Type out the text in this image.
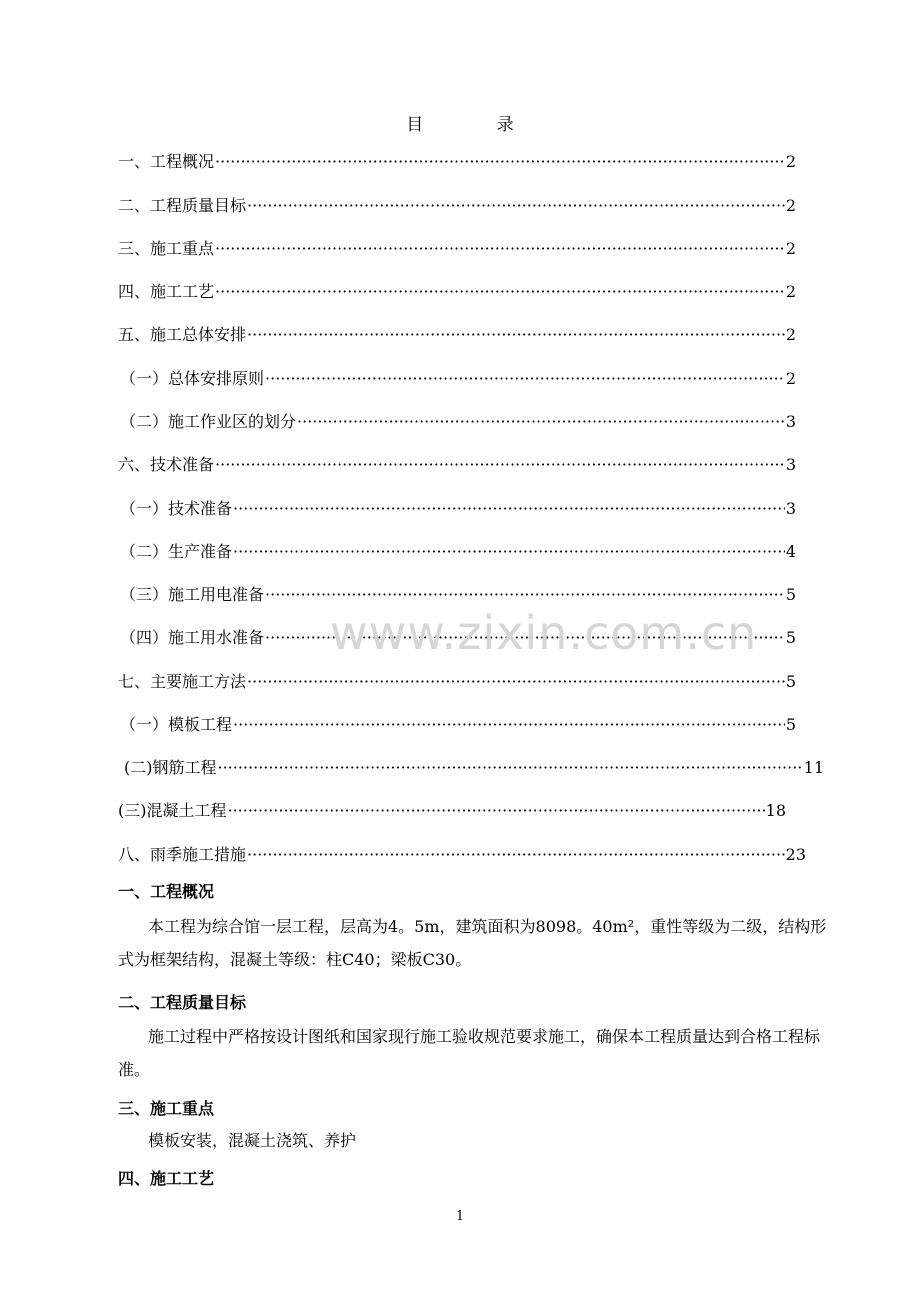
目 录
一、工程概况 ·····	2
二、工程质量目标 ·····	2
三、施工重点 ·····	2
四、施工工艺 ·····	2
五、施工总体安排 ·····	2
（一）总体安排原则 ·····	2
（二）施工作业区的划分 ·····	3
六、技术准备 ·····	3
（一）技术准备 ·····	3
（二）生产准备 ·····	4
（三）施工用电准备 ·····	5
（四）施工用水准备 ·····	5
七、主要施工方法 ·····	5
（一）模板工程 ·····	5
(二)钢筋工程 ·····	11
(三)混凝土工程 ·····	18
八、雨季施工措施 ·····	23
一、工程概况
本工程为综合馆一层工程，层高为4。5m，建筑面积为8098。40m²，重性等级为二级，结构形式为框架结构，混凝土等级：柱C40；梁板C30。
二、工程质量目标
施工过程中严格按设计图纸和国家现行施工验收规范要求施工，确保本工程质量达到合格工程标准。
三、施工重点
模板安装，混凝土浇筑、养护
四、施工工艺
www.zixin.com.cn
1
